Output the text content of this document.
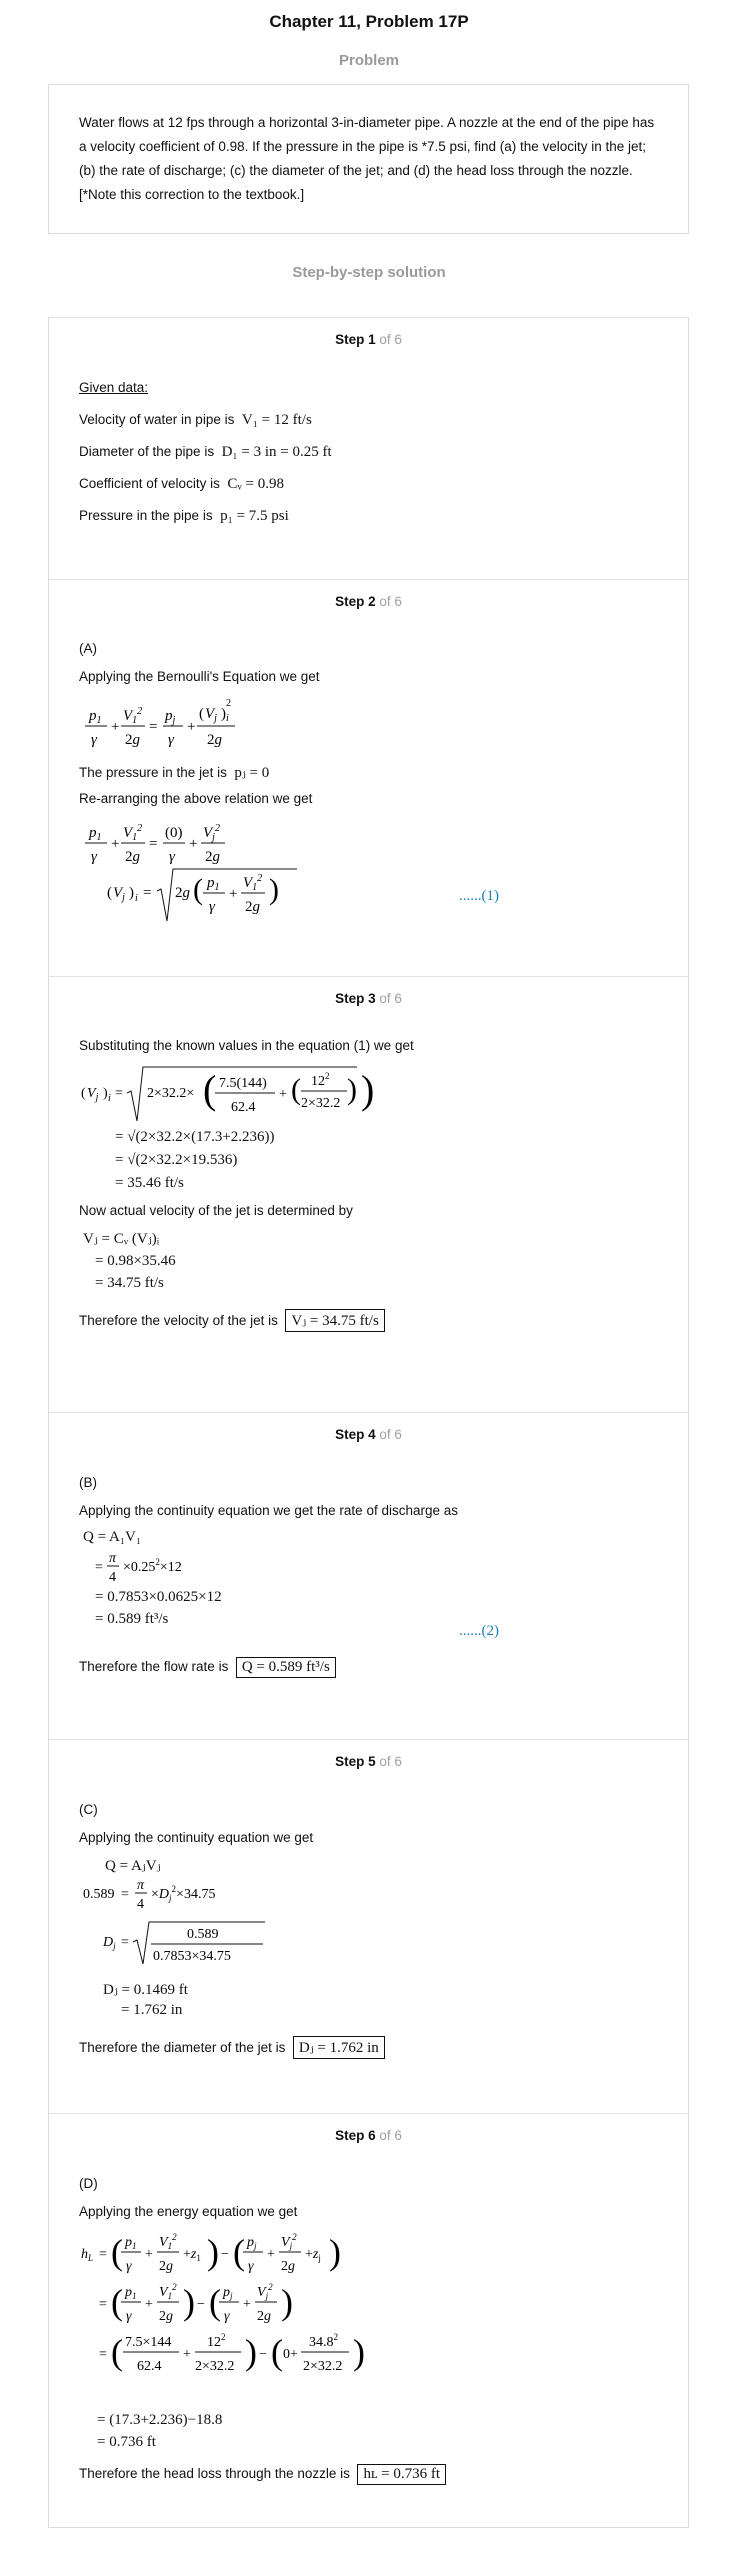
Chapter 11, Problem 17P
Problem
Water flows at 12 fps through a horizontal 3-in-diameter pipe. A nozzle at the end of the pipe has a velocity coefficient of 0.98. If the pressure in the pipe is *7.5 psi, find (a) the velocity in the jet; (b) the rate of discharge; (c) the diameter of the jet; and (d) the head loss through the nozzle. [*Note this correction to the textbook.]
Step-by-step solution
Step 1 of 6
Given data:
Velocity of water in pipe is V₁ = 12 ft/s
Diameter of the pipe is D₁ = 3 in = 0.25 ft
Coefficient of velocity is Cᵥ = 0.98
Pressure in the pipe is p₁ = 7.5 psi
Step 2 of 6
(A)
Applying the Bernoulli's Equation we get
$p_1$
γ
+
$V_1^2$
2g
=
$p_j$
γ
+
( $V_j$ ) i
2
2g
The pressure in the jet is pⱼ = 0
Re-arranging the above relation we get
$p_1$
γ
+
$V_1^2$
2g
=
(0)
γ
+
$V_j^2$
2g
( $V_j$ ) i = 2g ( $p_1$
γ
+
$V_1^2$
2g
)	......(1)
Step 3 of 6
Substituting the known values in the equation (1) we get
( $V_j$ ) i = 2×32.2× ( 7.5(144)
62.4
+ ( $12^2$
2×32.2 ) )
= √(2×32.2×(17.3+2.236))
= √(2×32.2×19.536)
= 35.46 ft/s
Now actual velocity of the jet is determined by
Vⱼ = Cᵥ (Vⱼ)ᵢ
= 0.98×35.46
= 34.75 ft/s
Therefore the velocity of the jet is Vⱼ = 34.75 ft/s
Step 4 of 6
(B)
Applying the continuity equation we get the rate of discharge as
Q = A₁V₁
=
π
4
$\times 0.25^2\times 12$
= 0.7853×0.0625×12
= 0.589 ft³/s
......(2)
Therefore the flow rate is Q = 0.589 ft³/s
Step 5 of 6
(C)
Applying the continuity equation we get
Q = AⱼVⱼ
0.589 =
π
4
$\times D_j^2\times 34.75$
$D_j$ =
0.589
0.7853×34.75
Dⱼ = 0.1469 ft
= 1.762 in
Therefore the diameter of the jet is Dⱼ = 1.762 in
Step 6 of 6
(D)
Applying the energy equation we get
$h_L$ = ( $p_1$
γ
+
$V_1^2$
2g
$+z_1$ ) − ( $p_j$
γ
+
$V_j^2$
2g
$+z_j$ )
= ( $p_1$
γ
+
$V_1^2$
2g ) − ( $p_j$
γ
+
$V_j^2$
2g )
= ( 7.5×144
62.4
+
$12^2$
2×32.2 ) − ( 0+
$34.8^2$
2×32.2 )
= (17.3+2.236)−18.8
= 0.736 ft
Therefore the head loss through the nozzle is hʟ = 0.736 ft
